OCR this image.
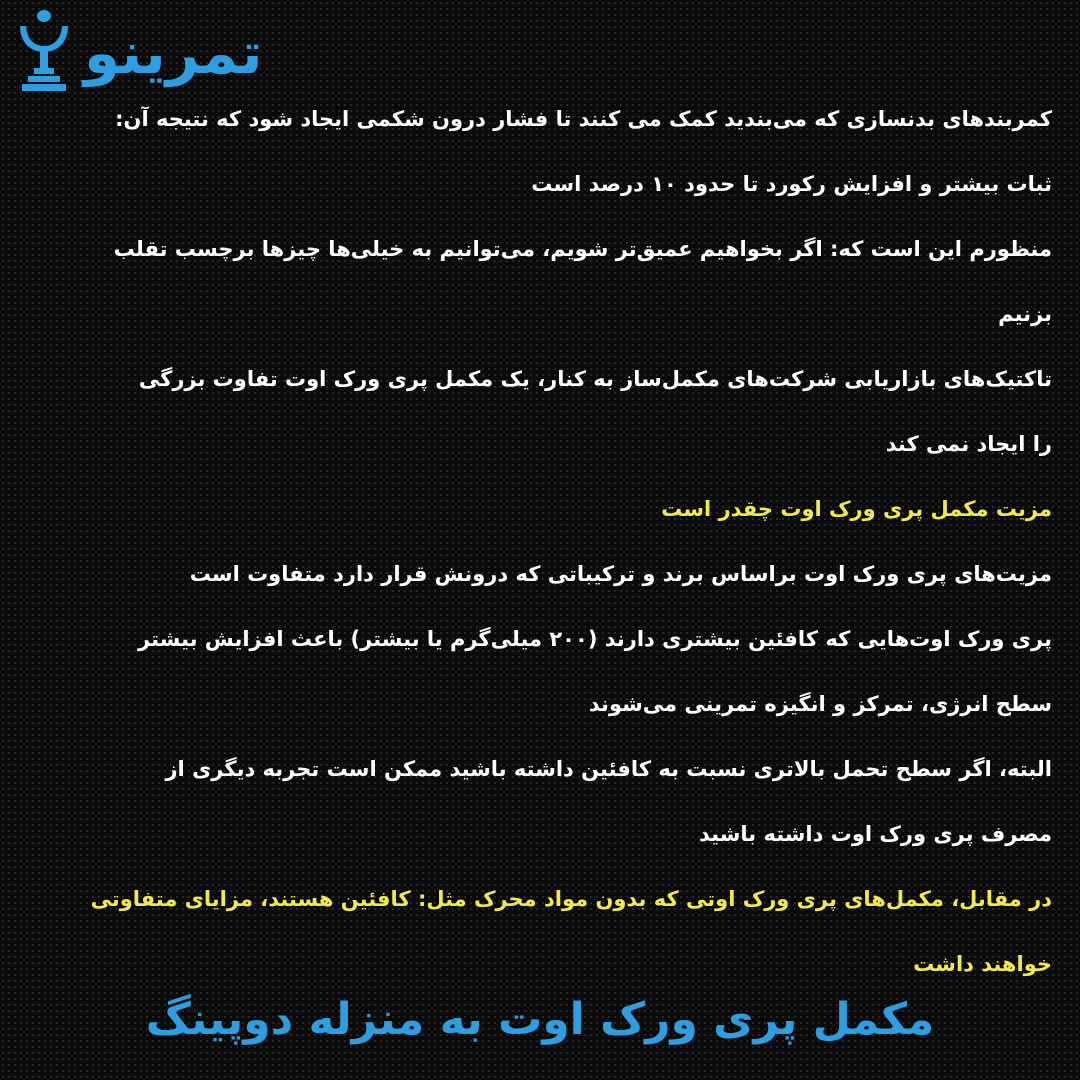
تمرینو
کمربندهای بدنسازی که می‌بندید کمک می کنند تا فشار درون شکمی ایجاد شود که نتیجه آن:
ثبات بیشتر و افزایش رکورد تا حدود ۱۰ درصد است
منظورم این است که: اگر بخواهیم عمیق‌تر شویم، می‌توانیم به خیلی‌ها چیزها برچسب تقلب
بزنیم
تاکتیک‌های بازاریابی شرکت‌های مکمل‌ساز به کنار، یک مکمل پری ورک اوت تفاوت بزرگی
را ایجاد نمی کند
مزیت مکمل پری ورک اوت چقدر است
مزیت‌های پری ورک اوت براساس برند و ترکیباتی که درونش قرار دارد متفاوت است
پری ورک اوت‌هایی که کافئین بیشتری دارند (۲۰۰ میلی‌گرم یا بیشتر) باعث افزایش بیشتر
سطح انرژی، تمرکز و انگیزه تمرینی می‌شوند
البته، اگر سطح تحمل بالاتری نسبت به کافئین داشته باشید ممکن است تجربه دیگری از
مصرف پری ورک اوت داشته باشید
در مقابل، مکمل‌های پری ورک اوتی که بدون مواد محرک مثل: کافئین هستند، مزایای متفاوتی
خواهند داشت
مکمل پری ورک اوت به منزله دوپینگ
